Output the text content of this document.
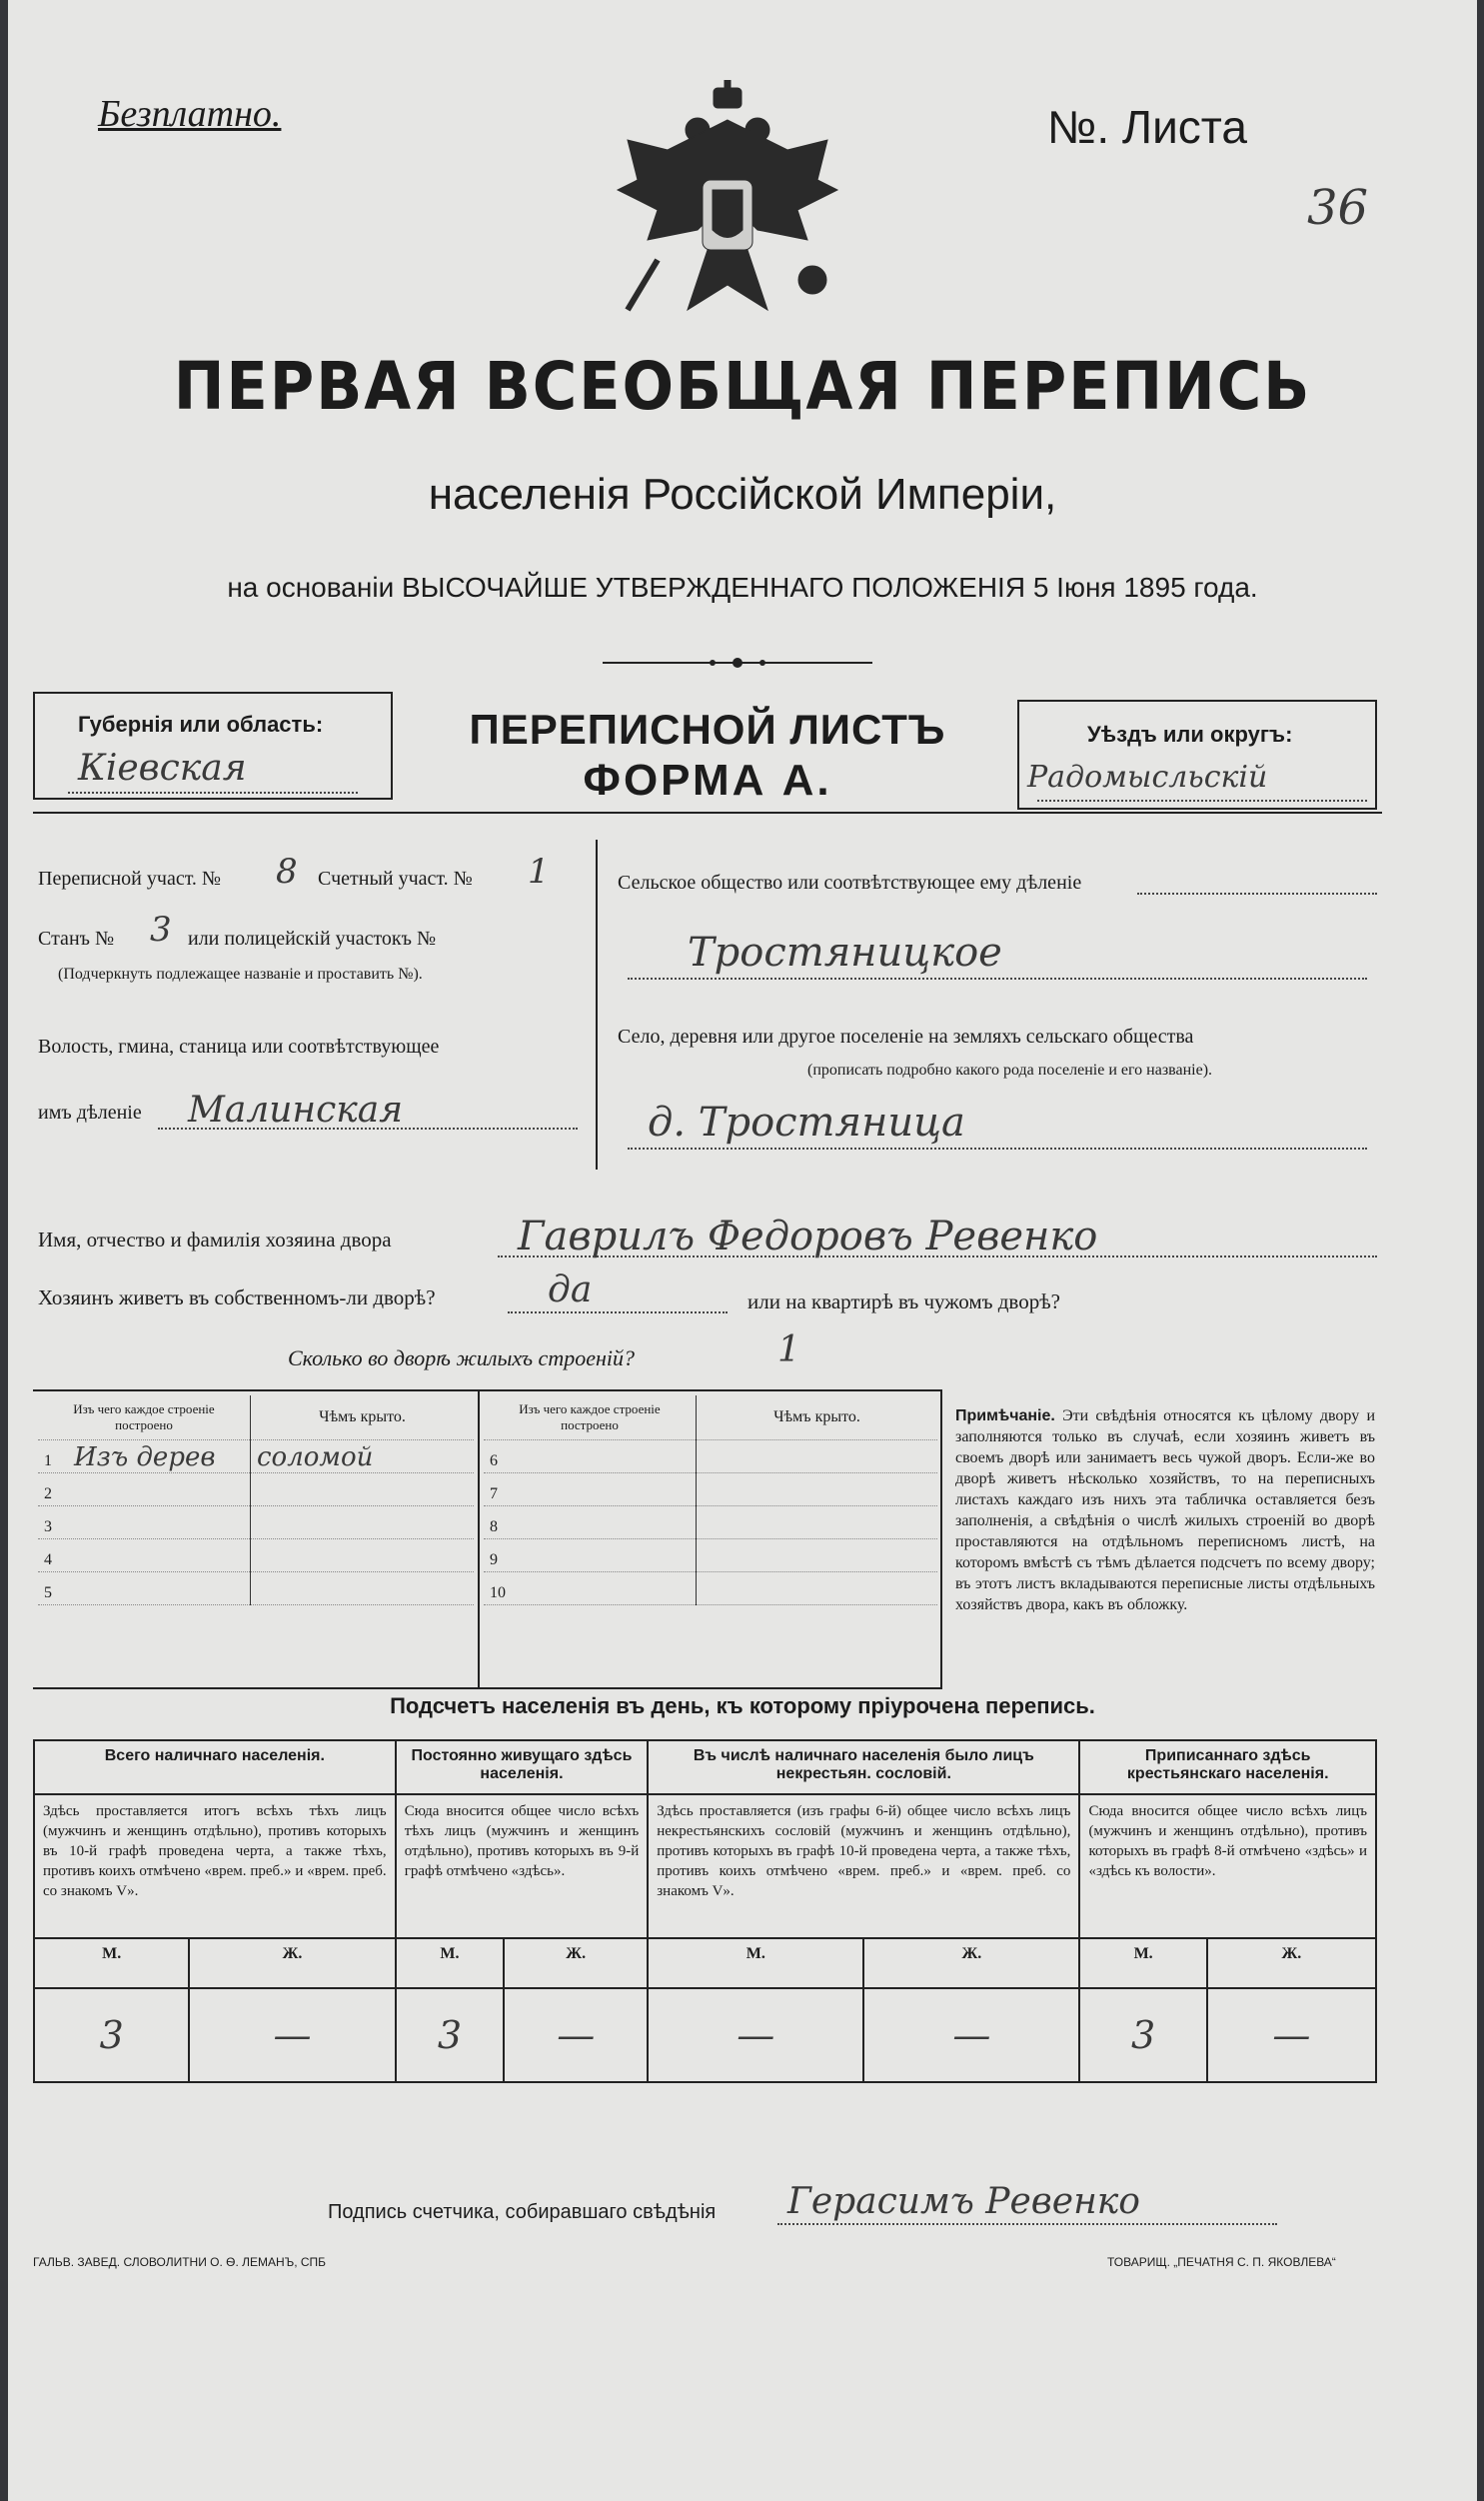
Безплатно.	№. Листа
36
ПЕРВАЯ ВСЕОБЩАЯ ПЕРЕПИСЬ
населенія Россійской Имперіи,
на основаніи ВЫСОЧАЙШЕ УТВЕРЖДЕННАГО ПОЛОЖЕНІЯ 5 Іюня 1895 года.
Губернія или область:
Кіевская
ПЕРЕПИСНОЙ ЛИСТЪ
ФОРМА А.
Уѣздъ или округъ:
Радомысльскій
Переписной участ. № 8 Счетный участ. № 1
Станъ № 3 или полицейскій участокъ №
(Подчеркнуть подлежащее названіе и проставить №).
Волость, гмина, станица или соотвѣтствующее
имъ дѣленіе Малинская
Сельское общество или соотвѣтствующее ему дѣленіе
Тростяницкое
Село, деревня или другое поселеніе на земляхъ сельскаго общества
(прописать подробно какого рода поселеніе и его названіе).
д. Тростяница
Имя, отчество и фамилія хозяина двора	Гаврилъ Федоровъ Ревенко
Хозяинъ живетъ въ собственномъ-ли дворѣ?	да	или на квартирѣ въ чужомъ дворѣ?
Сколько во дворѣ жилыхъ строеній?	1
Изъ чего каждое строеніе построено	Чѣмъ крыто.
1 Изъ дерев	соломой
2	
3	
4	
5	
Изъ чего каждое строеніе построено	Чѣмъ крыто.
6	
7	
8	
9	
10	
Примѣчаніе. Эти свѣдѣнія относятся къ цѣлому двору и заполняются только въ случаѣ, если хозяинъ живетъ въ своемъ дворѣ или занимаетъ весь чужой дворъ. Если-же во дворѣ живетъ нѣсколько хозяйствъ, то на переписныхъ листахъ каждаго изъ нихъ эта табличка оставляется безъ заполненія, а свѣдѣнія о числѣ жилыхъ строеній во дворѣ проставляются на отдѣльномъ переписномъ листѣ, на которомъ вмѣстѣ съ тѣмъ дѣлается подсчетъ по всему двору; въ этотъ листъ вкладываются переписные листы отдѣльныхъ хозяйствъ двора, какъ въ обложку.
Подсчетъ населенія въ день, къ которому пріурочена перепись.
Всего наличнаго населенія.		Постоянно живущаго здѣсь населенія.		Въ числѣ наличнаго населенія было лицъ некрестьян. сословій.		Приписаннаго здѣсь крестьянскаго населенія.	
Здѣсь проставляется итогъ всѣхъ тѣхъ лицъ (мужчинъ и женщинъ отдѣльно), противъ которыхъ въ 10-й графѣ проведена черта, а также тѣхъ, противъ коихъ отмѣчено «врем. преб.» и «врем. преб. со знакомъ V».		Сюда вносится общее число всѣхъ тѣхъ лицъ (мужчинъ и женщинъ отдѣльно), противъ которыхъ въ 9-й графѣ отмѣчено «здѣсь».		Здѣсь проставляется (изъ графы 6-й) общее число всѣхъ лицъ некрестьянскихъ сословій (мужчинъ и женщинъ отдѣльно), противъ которыхъ въ графѣ 10-й проведена черта, а также тѣхъ, противъ коихъ отмѣчено «врем. преб.» и «врем. преб. со знакомъ V».		Сюда вносится общее число всѣхъ лицъ (мужчинъ и женщинъ отдѣльно), противъ которыхъ въ графѣ 8-й отмѣчено «здѣсь» и «здѣсь къ волости».	
М.	Ж.	М.	Ж.	М.	Ж.	М.	Ж.
3	—	3	—	—	—	3	—
Подпись счетчика, собиравшаго свѣдѣнія Герасимъ Ревенко
ГАЛЬВ. ЗАВЕД. СЛОВОЛИТНИ О. Ѳ. ЛЕМАНЪ, СПБ	ТОВАРИЩ. „ПЕЧАТНЯ С. П. ЯКОВЛЕВА“
